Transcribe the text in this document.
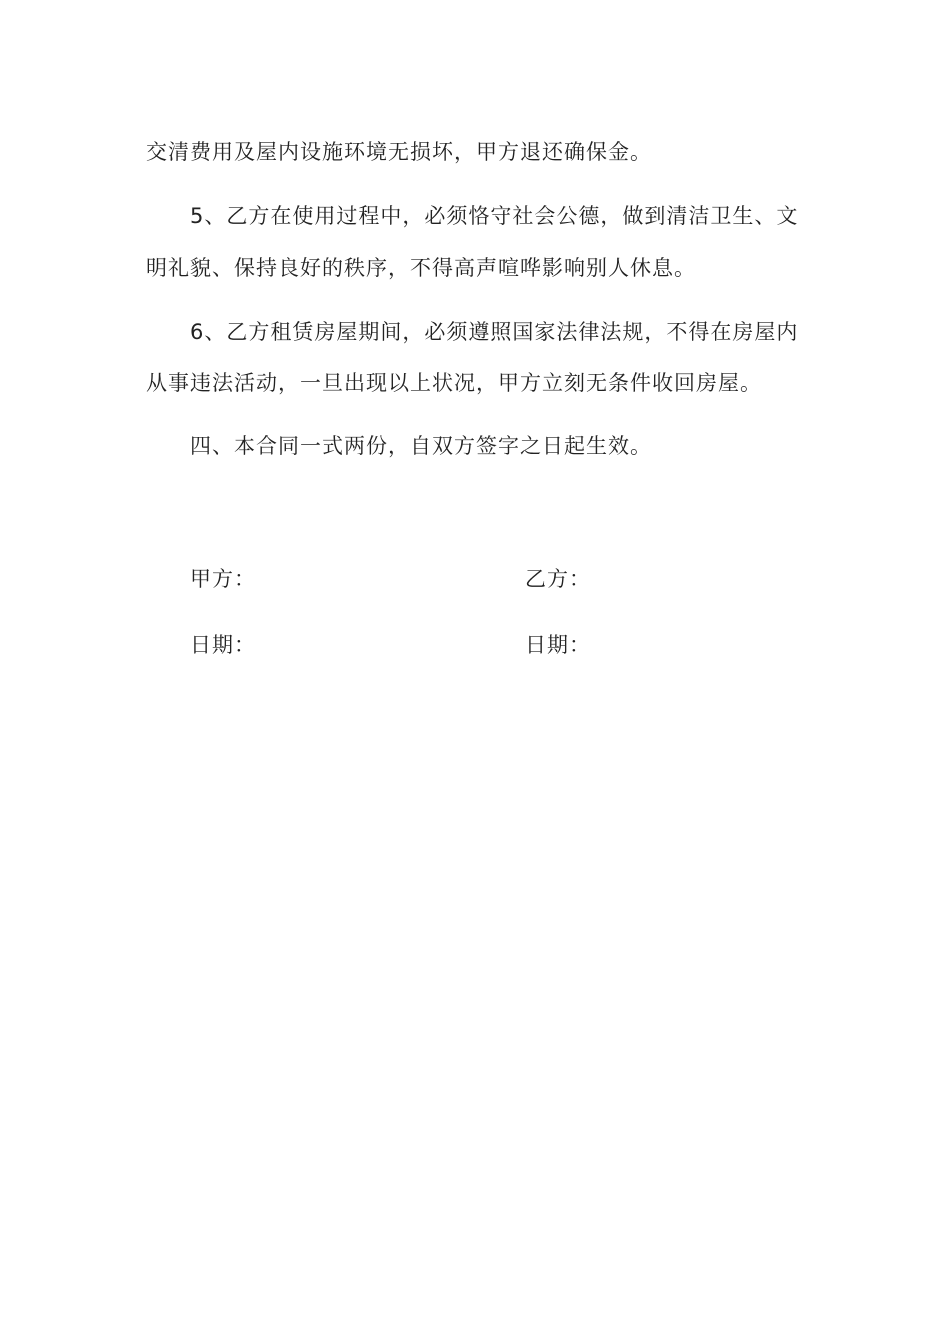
交清费用及屋内设施环境无损坏，甲方退还确保金。
5、乙方在使用过程中，必须恪守社会公德，做到清洁卫生、文
明礼貌、保持良好的秩序，不得高声喧哗影响别人休息。
6、乙方租赁房屋期间，必须遵照国家法律法规，不得在房屋内
从事违法活动，一旦出现以上状况，甲方立刻无条件收回房屋。
四、本合同一式两份，自双方签字之日起生效。
甲方：	乙方：
日期：	日期：
